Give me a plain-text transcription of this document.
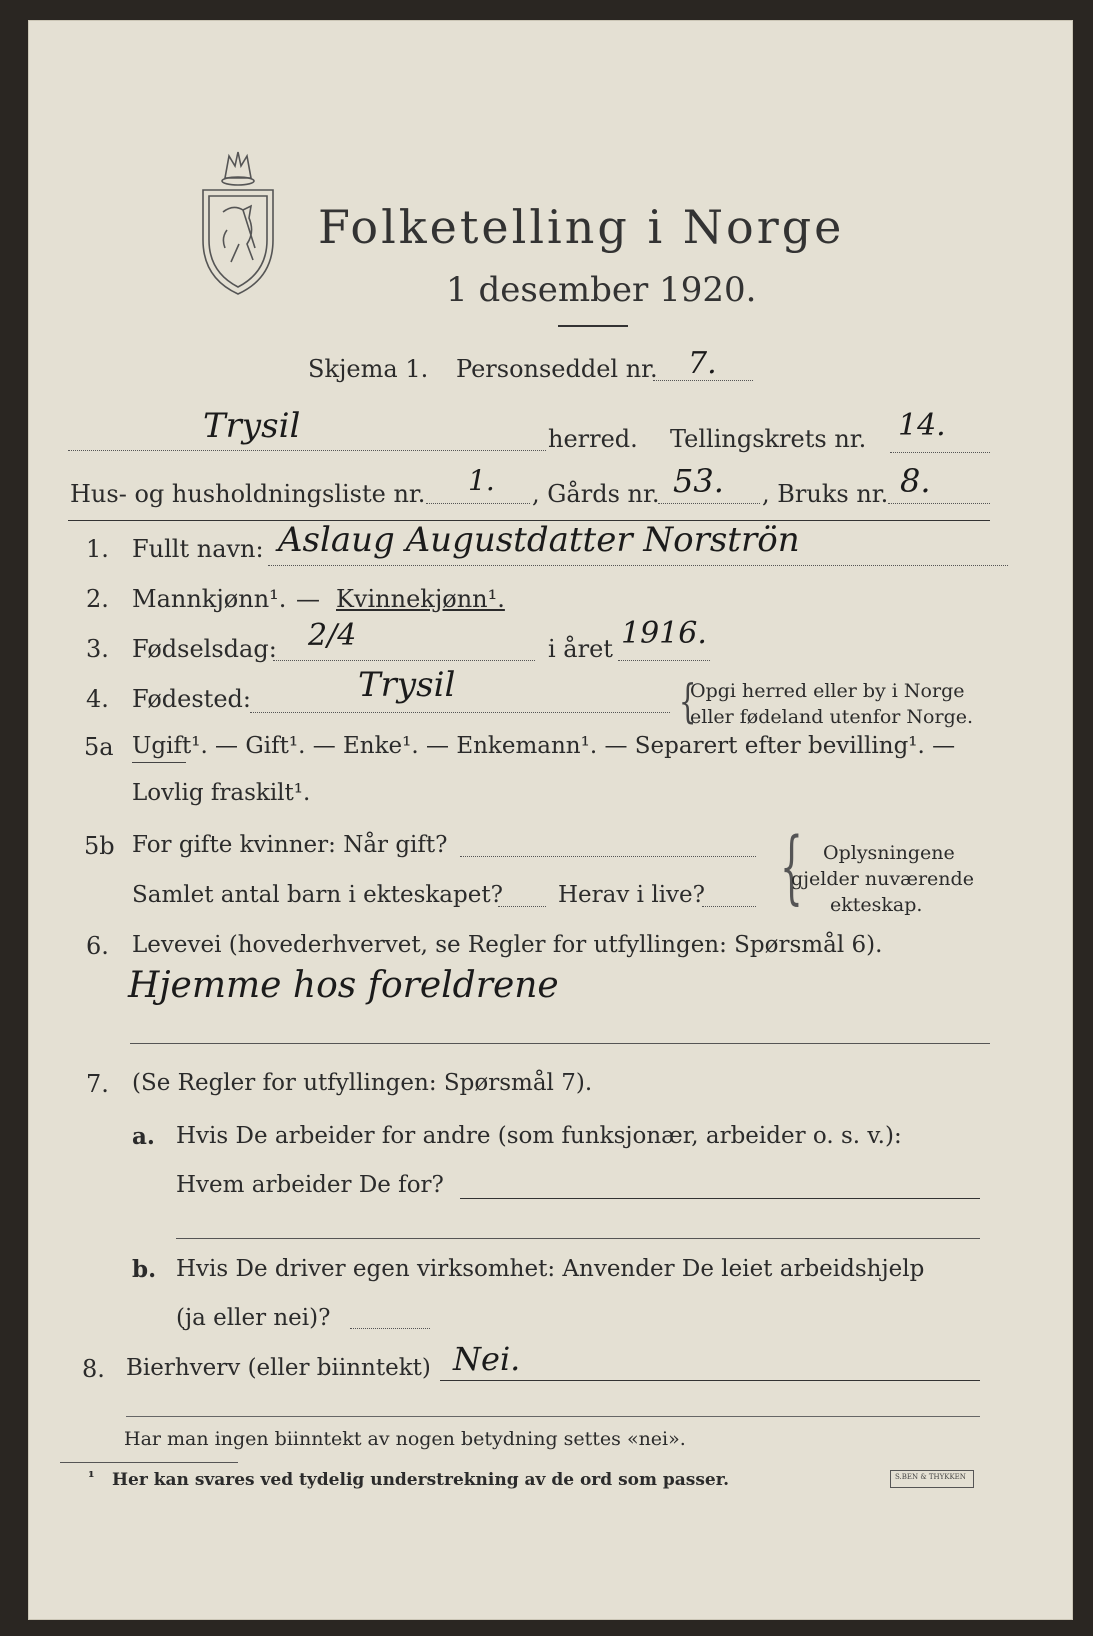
Folketelling i Norge
1 desember 1920.
Skjema 1. Personseddel nr. 7.
Trysil	herred. Tellingskrets nr. 14.
Hus- og husholdningsliste nr. 1. , Gårds nr. 53. , Bruks nr. 8.
1. Fullt navn: Aslaug Augustdatter Norströn
2. Mannkjønn¹. — Kvinnekjønn¹.
3. Fødselsdag: 2/4	i året 1916.
4. Fødested:	Trysil	{
Opgi herred eller by i Norge
eller fødeland utenfor Norge.
5a Ugift¹. — Gift¹. — Enke¹. — Enkemann¹. — Separert efter bevilling¹. —
Lovlig fraskilt¹.
5b For gifte kvinner: Når gift?
Samlet antal barn i ekteskapet? Herav i live? { Oplysningene
gjelder nuværende
ekteskap.
6. Levevei (hovederhvervet, se Regler for utfyllingen: Spørsmål 6).
Hjemme hos foreldrene
7. (Se Regler for utfyllingen: Spørsmål 7).
a. Hvis De arbeider for andre (som funksjonær, arbeider o. s. v.):
Hvem arbeider De for?
b. Hvis De driver egen virksomhet: Anvender De leiet arbeidshjelp
(ja eller nei)?
8. Bierhverv (eller biinntekt) Nei.
Har man ingen biinntekt av nogen betydning settes «nei».
¹ Her kan svares ved tydelig understrekning av de ord som passer.	S.BEN & THYKKEN
